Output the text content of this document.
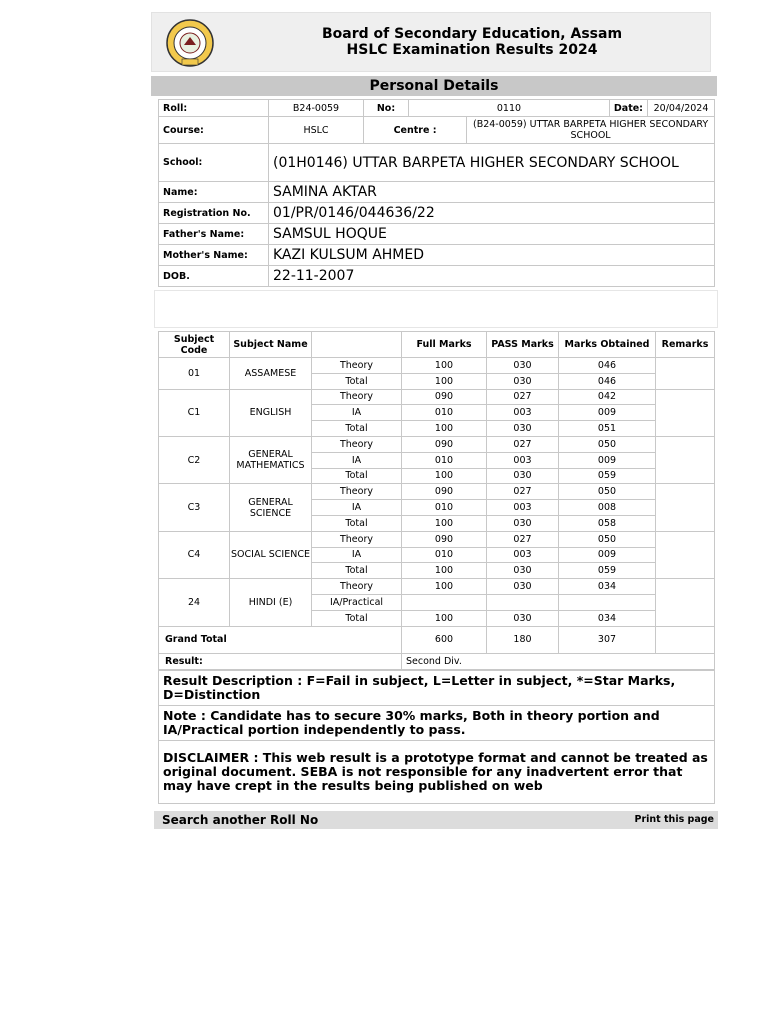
Board of Secondary Education, Assam
HSLC Examination Results 2024
Personal Details
Roll:	B24-0059	No:	0110		Date:	20/04/2024
Course:	HSLC	Centre :		(B24-0059) UTTAR BARPETA HIGHER SECONDARY SCHOOL		
School:	(01H0146) UTTAR BARPETA HIGHER SECONDARY SCHOOL					
Name:	SAMINA AKTAR					
Registration No.	01/PR/0146/044636/22					
Father's Name:	SAMSUL HOQUE					
Mother's Name:	KAZI KULSUM AHMED					
DOB.	22-11-2007					
Subject Code	Subject Name		Full Marks	PASS Marks	Marks Obtained	Remarks
01	ASSAMESE	Theory	100	030	046	
		Total	100	030	046	
C1	ENGLISH	Theory	090	027	042	
		IA	010	003	009	
		Total	100	030	051	
C2	GENERAL MATHEMATICS	Theory	090	027	050	
		IA	010	003	009	
		Total	100	030	059	
C3	GENERAL SCIENCE	Theory	090	027	050	
		IA	010	003	008	
		Total	100	030	058	
C4	SOCIAL SCIENCE	Theory	090	027	050	
		IA	010	003	009	
		Total	100	030	059	
24	HINDI (E)	Theory	100	030	034	
		IA/Practical				
		Total	100	030	034	
Grand Total			600	180	307	
Result:			Second Div.			
Result Description : F=Fail in subject, L=Letter in subject, *=Star Marks, D=Distinction
Note : Candidate has to secure 30% marks, Both in theory portion and IA/Practical portion independently to pass.
DISCLAIMER : This web result is a prototype format and cannot be treated as original document. SEBA is not responsible for any inadvertent error that may have crept in the results being published on web
Search another Roll No	Print this page
